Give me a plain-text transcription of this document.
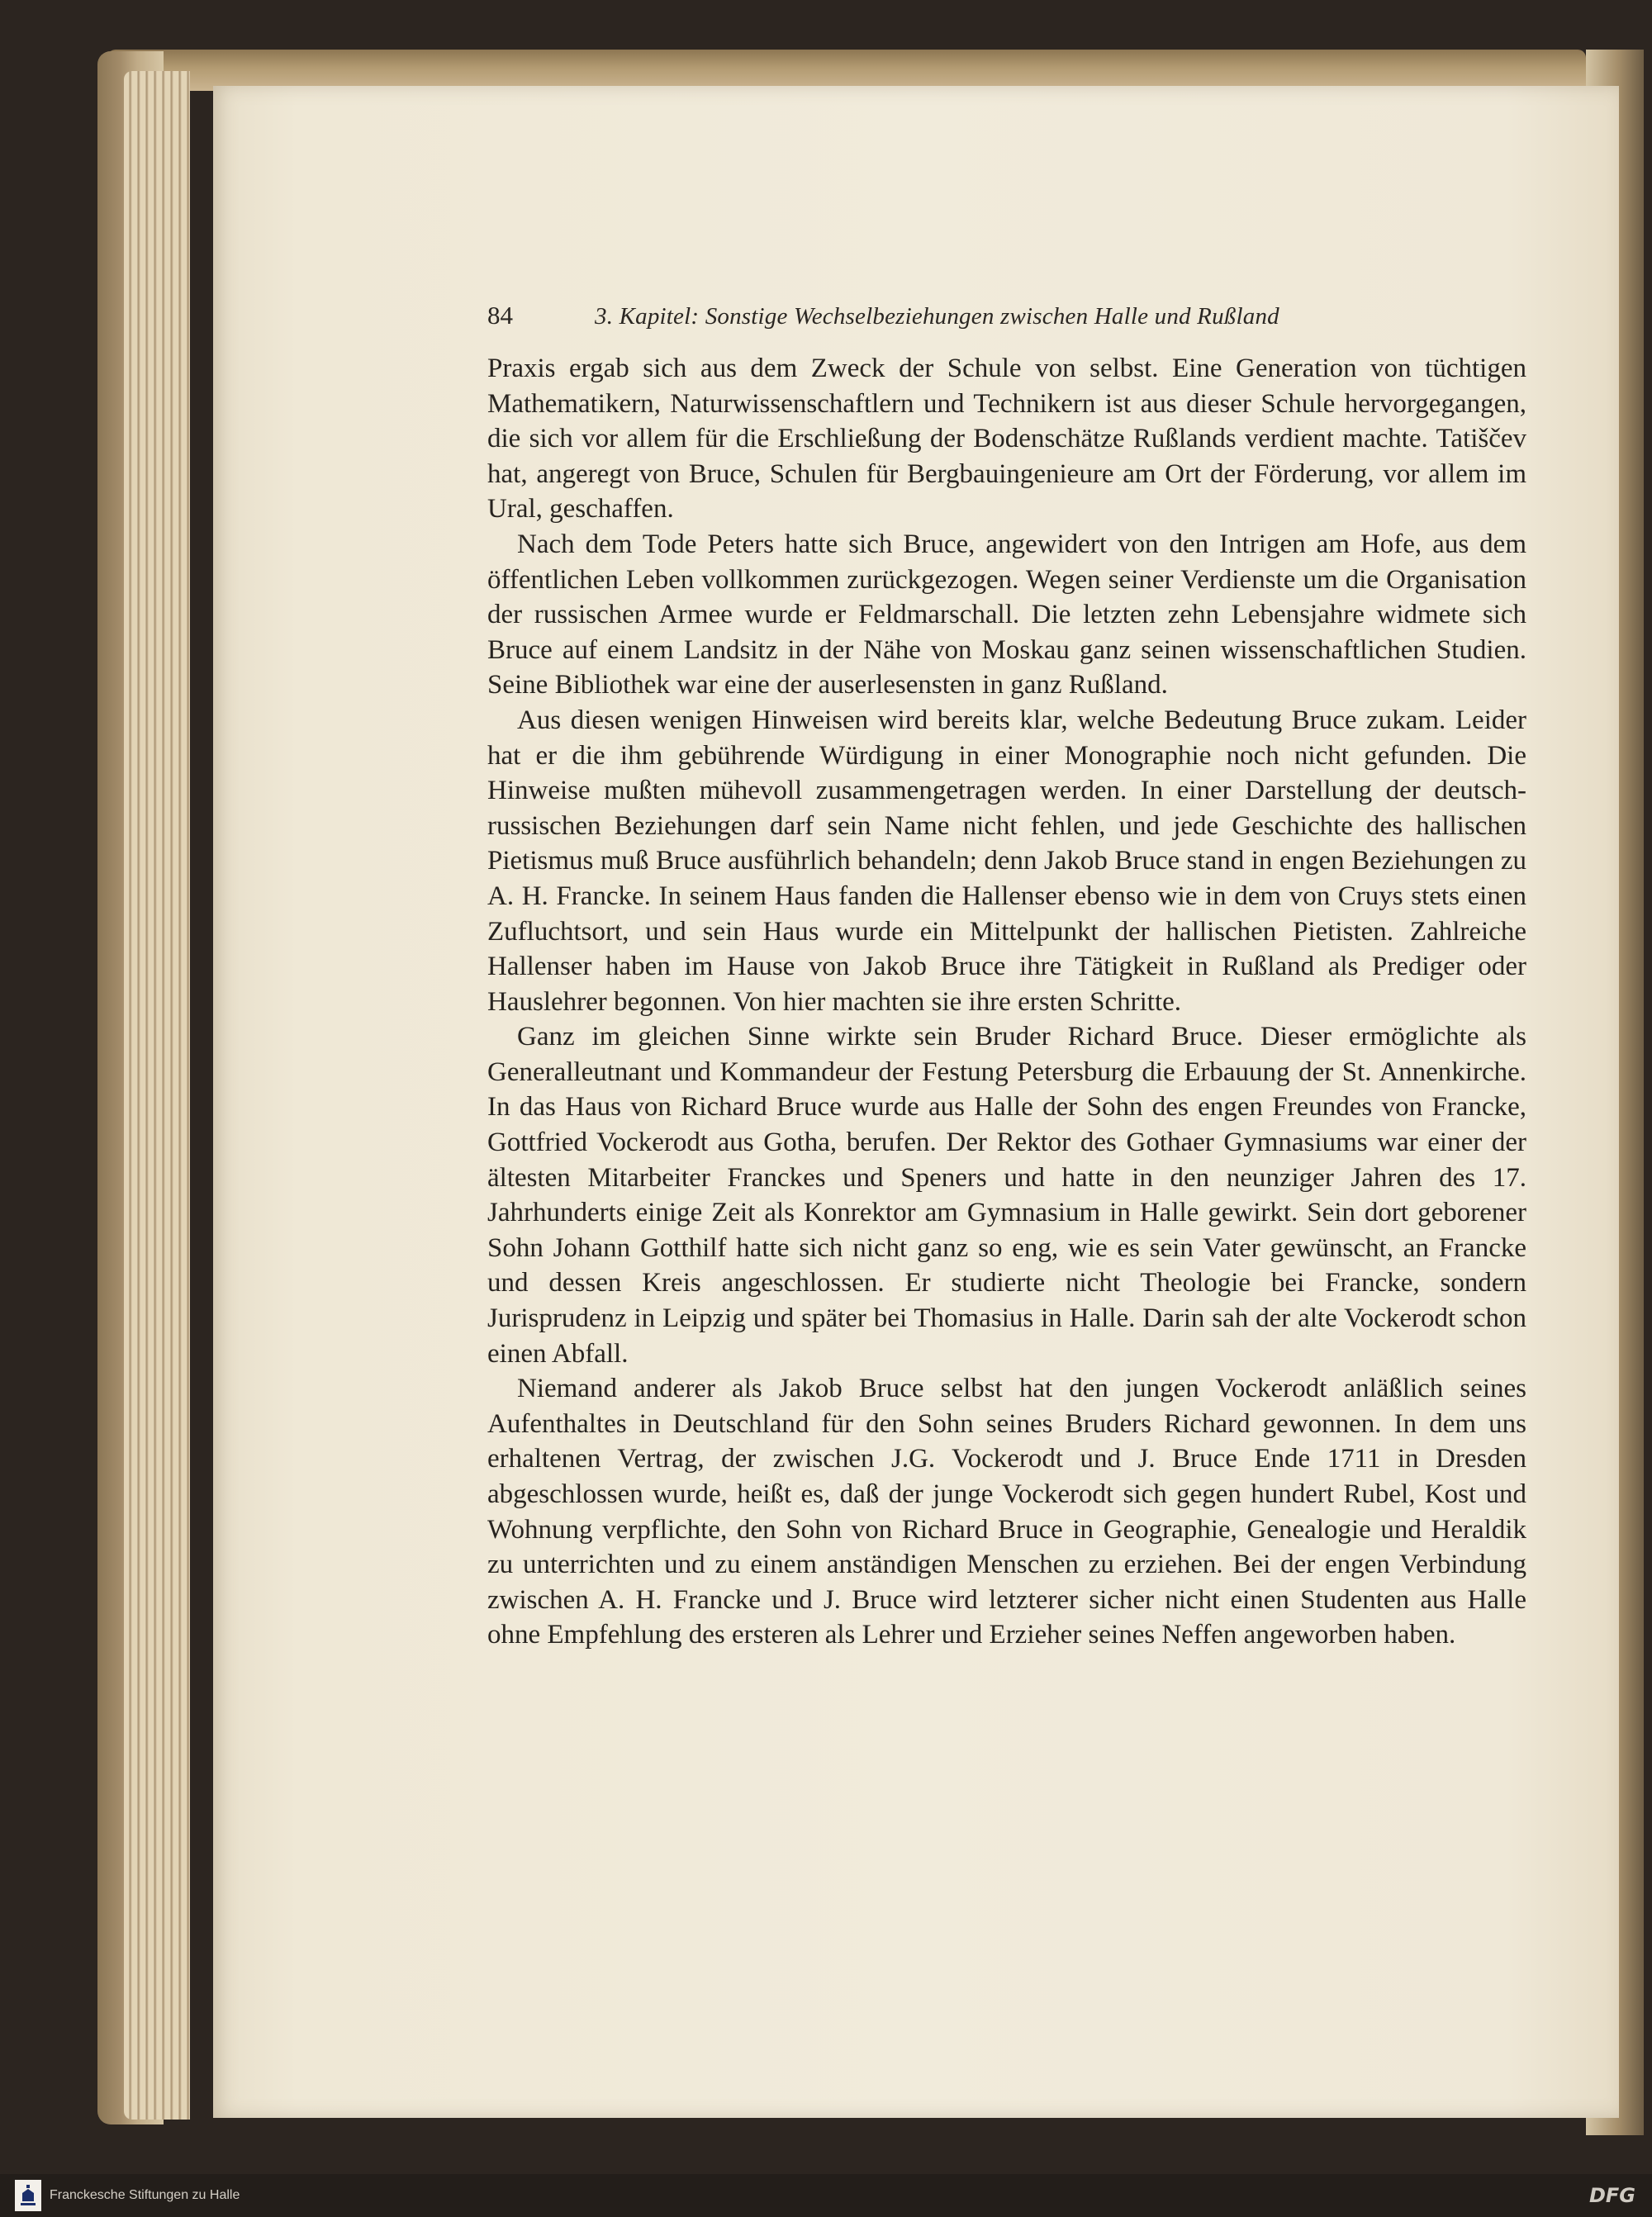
84	3. Kapitel: Sonstige Wechselbeziehungen zwischen Halle und Rußland

Praxis ergab sich aus dem Zweck der Schule von selbst. Eine Generation von tüchtigen Mathematikern, Naturwissenschaftlern und Technikern ist aus dieser Schule hervorgegangen, die sich vor allem für die Erschließung der Bodenschätze Rußlands verdient machte. Tatiščev hat, angeregt von Bruce, Schulen für Bergbauingenieure am Ort der Förderung, vor allem im Ural, geschaffen.

Nach dem Tode Peters hatte sich Bruce, angewidert von den Intrigen am Hofe, aus dem öffentlichen Leben vollkommen zurückgezogen. Wegen seiner Verdienste um die Organisation der russischen Armee wurde er Feldmarschall. Die letzten zehn Lebensjahre widmete sich Bruce auf einem Landsitz in der Nähe von Moskau ganz seinen wissenschaftlichen Studien. Seine Bibliothek war eine der auserlesensten in ganz Rußland.

Aus diesen wenigen Hinweisen wird bereits klar, welche Bedeutung Bruce zukam. Leider hat er die ihm gebührende Würdigung in einer Monographie noch nicht gefunden. Die Hinweise mußten mühevoll zusammengetragen werden. In einer Darstellung der deutsch-russischen Beziehungen darf sein Name nicht fehlen, und jede Geschichte des hallischen Pietismus muß Bruce ausführlich behandeln; denn Jakob Bruce stand in engen Beziehungen zu A. H. Francke. In seinem Haus fanden die Hallenser ebenso wie in dem von Cruys stets einen Zufluchtsort, und sein Haus wurde ein Mittelpunkt der hallischen Pietisten. Zahlreiche Hallenser haben im Hause von Jakob Bruce ihre Tätigkeit in Rußland als Prediger oder Hauslehrer begonnen. Von hier machten sie ihre ersten Schritte.

Ganz im gleichen Sinne wirkte sein Bruder Richard Bruce. Dieser ermöglichte als Generalleutnant und Kommandeur der Festung Petersburg die Erbauung der St. Annenkirche. In das Haus von Richard Bruce wurde aus Halle der Sohn des engen Freundes von Francke, Gottfried Vockerodt aus Gotha, berufen. Der Rektor des Gothaer Gymnasiums war einer der ältesten Mitarbeiter Franckes und Speners und hatte in den neunziger Jahren des 17. Jahrhunderts einige Zeit als Konrektor am Gymnasium in Halle gewirkt. Sein dort geborener Sohn Johann Gotthilf hatte sich nicht ganz so eng, wie es sein Vater gewünscht, an Francke und dessen Kreis angeschlossen. Er studierte nicht Theologie bei Francke, sondern Jurisprudenz in Leipzig und später bei Thomasius in Halle. Darin sah der alte Vockerodt schon einen Abfall.

Niemand anderer als Jakob Bruce selbst hat den jungen Vockerodt anläßlich seines Aufenthaltes in Deutschland für den Sohn seines Bruders Richard gewonnen. In dem uns erhaltenen Vertrag, der zwischen J.G. Vockerodt und J. Bruce Ende 1711 in Dresden abgeschlossen wurde, heißt es, daß der junge Vockerodt sich gegen hundert Rubel, Kost und Wohnung verpflichte, den Sohn von Richard Bruce in Geographie, Genealogie und Heraldik zu unterrichten und zu einem anständigen Menschen zu erziehen. Bei der engen Verbindung zwischen A. H. Francke und J. Bruce wird letzterer sicher nicht einen Studenten aus Halle ohne Empfehlung des ersteren als Lehrer und Erzieher seines Neffen angeworben haben.

Franckesche Stiftungen zu Halle	DFG
